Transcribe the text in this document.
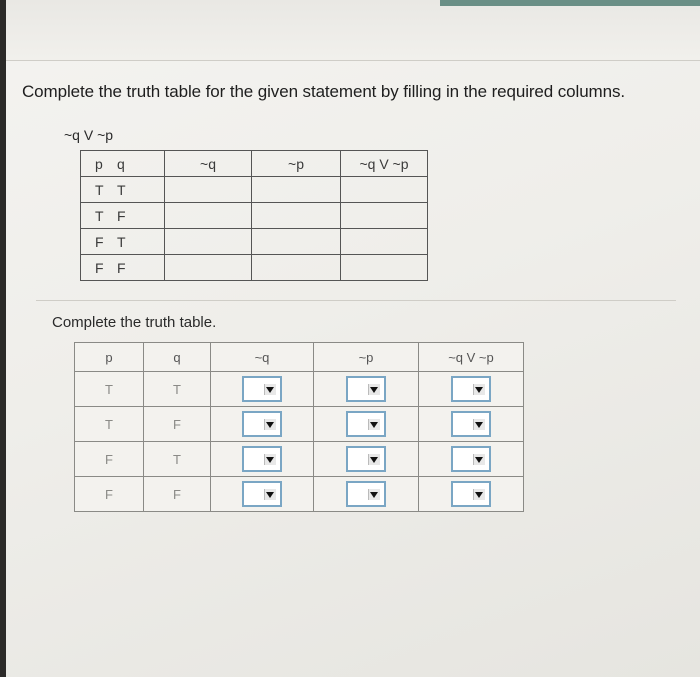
Complete the truth table for the given statement by filling in the required columns.
~q V ~p
p q	~q	~p	~q V ~p
T T			
T F			
F T			
F F			
Complete the truth table.
p	q	~q	~p	~q V ~p
T	T	

T	F	

F	T	

F	F	
